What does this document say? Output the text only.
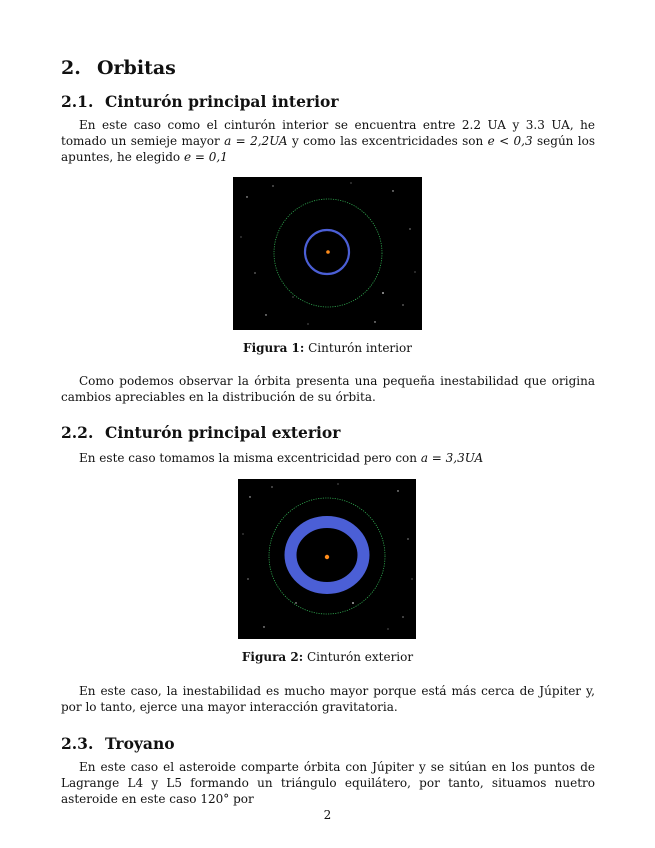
2. Orbitas
2.1. Cinturón principal interior

En este caso como el cinturón interior se encuentra entre 2.2 UA y 3.3 UA, he tomado un semieje mayor a = 2,2UA y como las excentricidades son e < 0,3 según los apuntes, he elegido e = 0,1

Figura 1: Cinturón interior

Como podemos observar la órbita presenta una pequeña inestabilidad que origina cambios apreciables en la distribución de su órbita.

2.2. Cinturón principal exterior

En este caso tomamos la misma excentricidad pero con a = 3,3UA

Figura 2: Cinturón exterior

En este caso, la inestabilidad es mucho mayor porque está más cerca de Júpiter y, por lo tanto, ejerce una mayor interacción gravitatoria.

2.3. Troyano

En este caso el asteroide comparte órbita con Júpiter y se sitúan en los puntos de Lagrange L4 y L5 formando un triángulo equilátero, por tanto, situamos nuetro asteroide en este caso 120° por

2
